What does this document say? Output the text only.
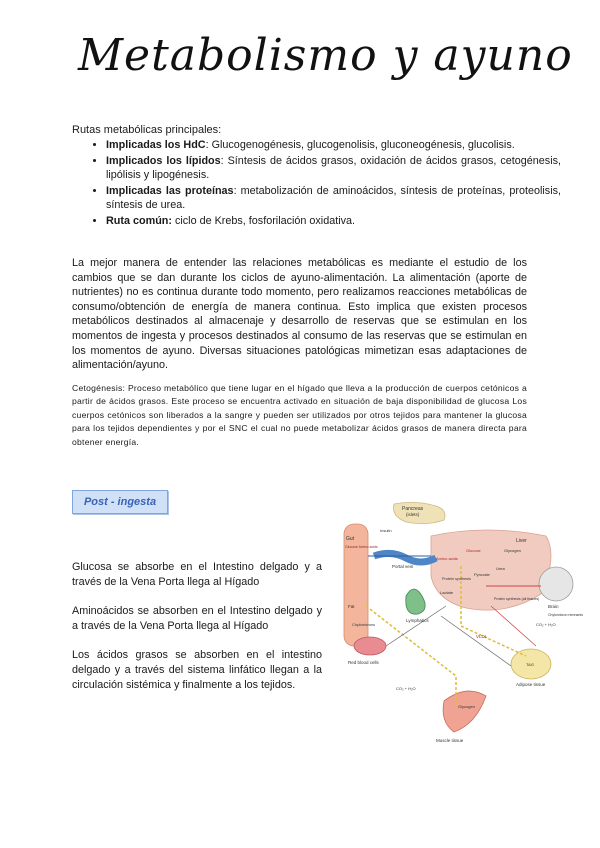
Metabolismo y ayuno
Rutas metabólicas principales:
• Implicadas los HdC: Glucogenogénesis, glucogenolisis, gluconeogénesis, glucolisis.
• Implicados los lípidos: Síntesis de ácidos grasos, oxidación de ácidos grasos, cetogénesis, lipólisis y lipogénesis.
• Implicadas las proteínas: metabolización de aminoácidos, síntesis de proteínas, proteolisis, síntesis de urea.
• Ruta común: ciclo de Krebs, fosforilación oxidativa.

La mejor manera de entender las relaciones metabólicas es mediante el estudio de los cambios que se dan durante los ciclos de ayuno-alimentación. La alimentación (aporte de nutrientes) no es continua durante todo momento, pero realizamos reacciones metabólicas de consumo/obtención de energía de manera continua. Esto implica que existen procesos metabólicos destinados al almacenaje y desarrollo de reservas que se estimulan en los momentos de ingesta y procesos destinados al consumo de las reservas que se estimulan en los momentos de ayuno. Diversas situaciones patológicas mimetizan esas adaptaciones de alimentación/ayuno.

Cetogénesis: Proceso metabólico que tiene lugar en el hígado que lleva a la producción de cuerpos cetónicos a partir de ácidos grasos. Este proceso se encuentra activado en situación de baja disponibilidad de glucosa Los cuerpos cetónicos son liberados a la sangre y pueden ser utilizados por otros tejidos para mantener la glucosa para los tejidos dependientes y por el SNC el cual no puede metabolizar ácidos grasos de manera directa para obtener energía.

Post - ingesta

Glucosa se absorbe en el Intestino delgado y a través de la Vena Porta llega al Hígado

Aminoácidos se absorben en el Intestino delgado y a través de la Vena Porta llega al Hígado

Los ácidos grasos se absorben en el intestino delgado y a través del sistema linfático llegan a la circulación sistémica y finalmente a los tejidos.

Pancreas
(islets)
Insulin
Gut
Glucose Amino acids
Portal vein
Liver
Glucose	Glycogen
Amino acids
Protein synthesis
Pyruvate
Urea
Fat
Lymphatics
Chylomicrons
Lactate
VLDL
Brain
Protein synthesis (all tissues)
CO₂ + H₂O
Chylomicron remnants
TAG
Adipose tissue
Red blood cells
CO₂ + H₂O
Glycogen
Muscle tissue
